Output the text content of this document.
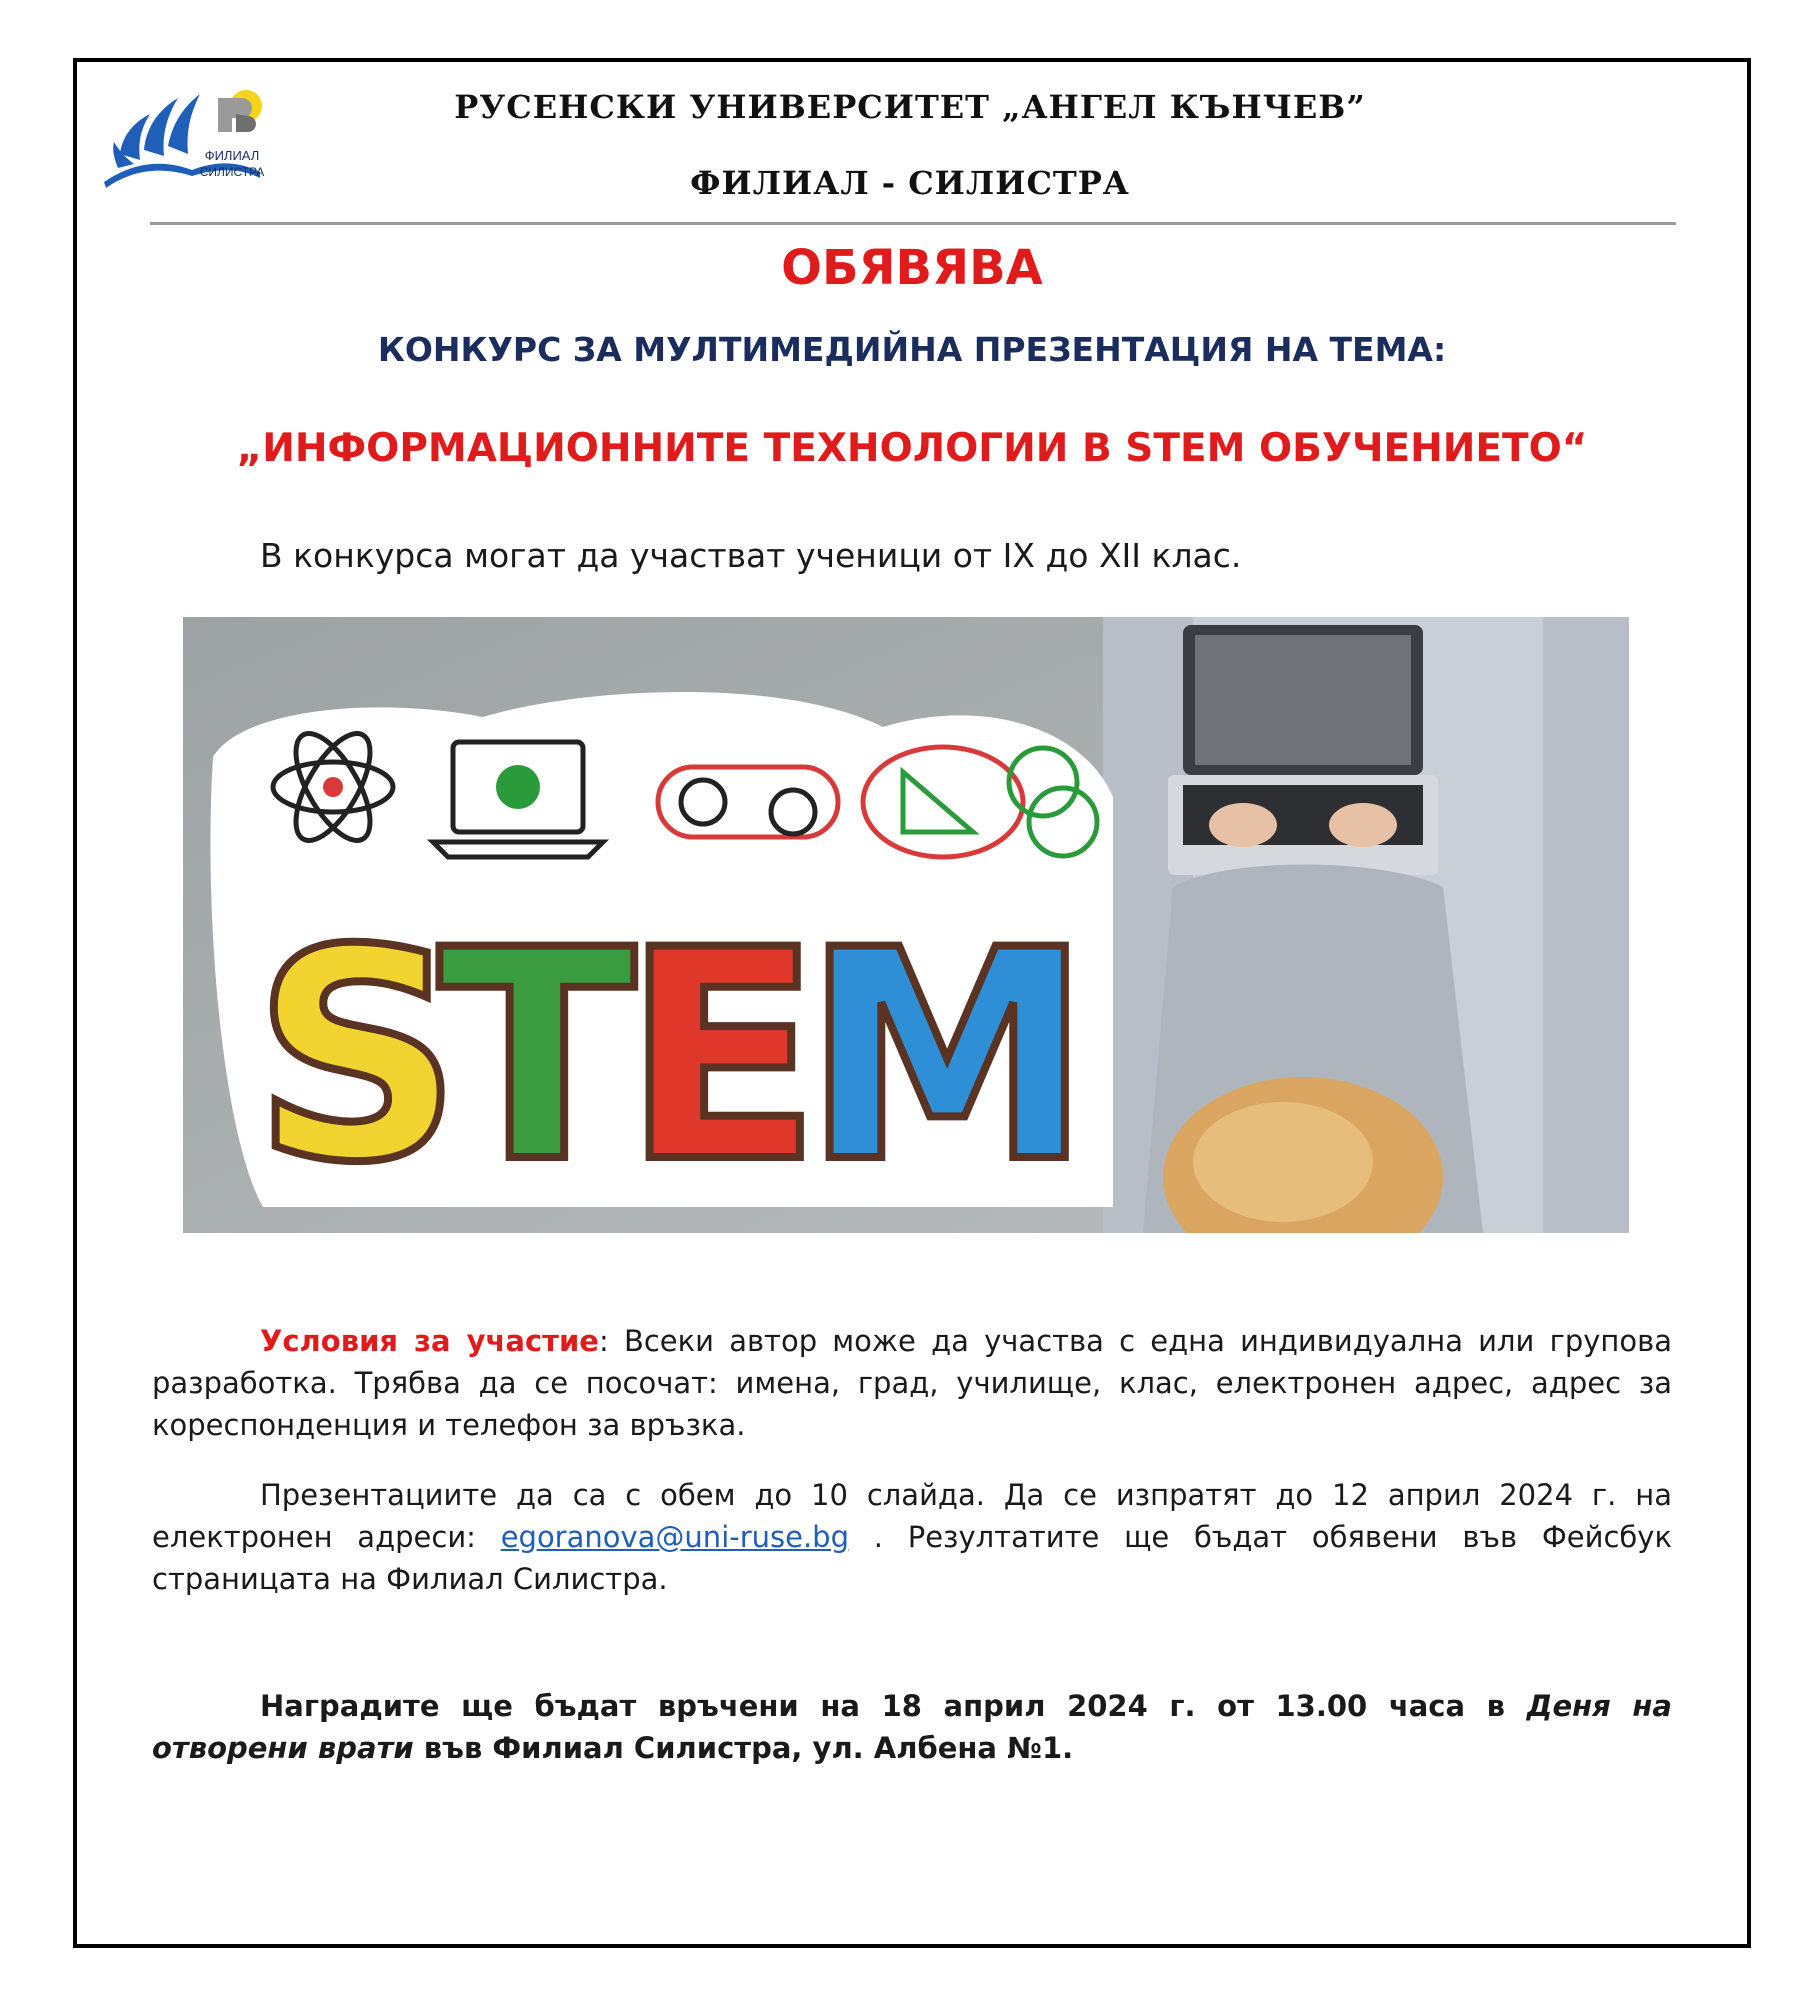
ФИЛИАЛ
СИЛИСТРА
РУСЕНСКИ УНИВЕРСИТЕТ „АНГЕЛ КЪНЧЕВ”
ФИЛИАЛ - СИЛИСТРА
ОБЯВЯВА
КОНКУРС ЗА МУЛТИМЕДИЙНА ПРЕЗЕНТАЦИЯ НА ТЕМА:
„ИНФОРМАЦИОННИТЕ ТЕХНОЛОГИИ В STEM ОБУЧЕНИЕТО“
В конкурса могат да участват ученици от IX до XII клас.
S
T
E
M
Условия за участие: Всеки автор може да участва с една индивидуална или групова разработка. Трябва да се посочат: имена, град, училище, клас, електронен адрес, адрес за кореспонденция и телефон за връзка.
Презентациите да са с обем до 10 слайда. Да се изпратят до 12 април 2024 г. на електронен адреси: egoranova@uni-ruse.bg . Резултатите ще бъдат обявени във Фейсбук страницата на Филиал Силистра.
Наградите ще бъдат връчени на 18 април 2024 г. от 13.00 часа в Деня на отворени врати във Филиал Силистра, ул. Албена №1.
